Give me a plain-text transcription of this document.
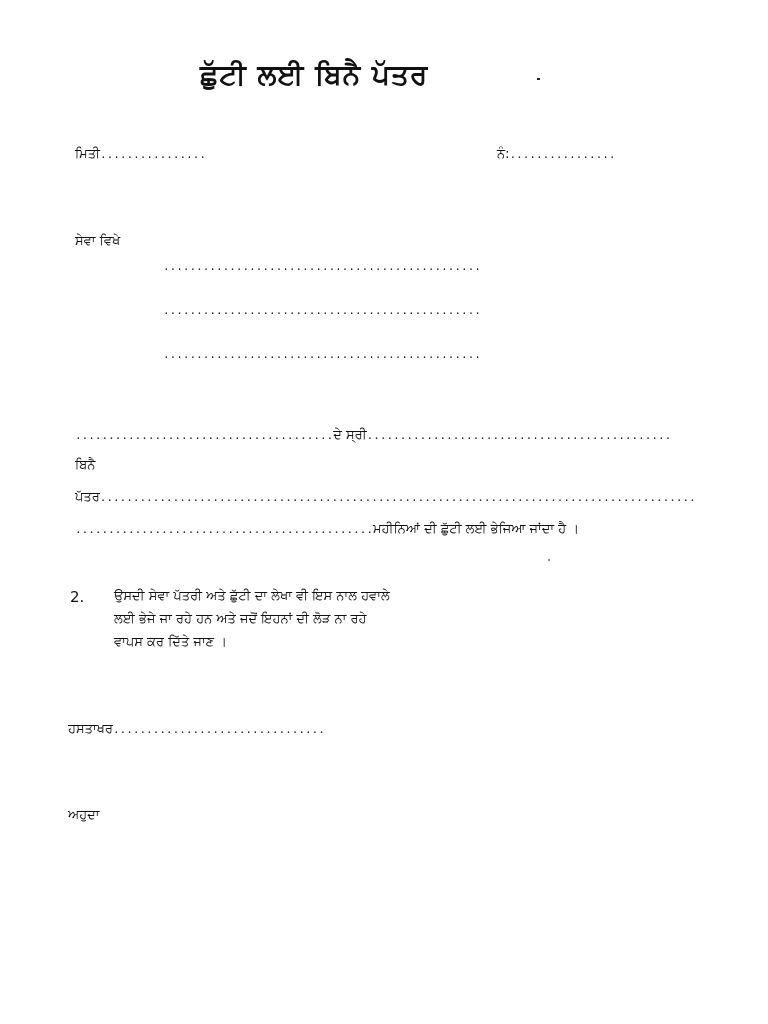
ਛੁੱਟੀ ਲਈ ਬਿਨੈ ਪੱਤਰ
ਮਿਤੀ................	ਨੰ:................
ਸੇਵਾ ਵਿਖੇ
................................................
................................................
................................................
.......................................ਦੇ ਸ੍ਰੀ..............................................
ਬਿਨੈ
ਪੱਤਰ..........................................................................................
.............................................ਮਹੀਨਿਆਂ ਦੀ ਛੁੱਟੀ ਲਈ ਭੇਜਿਆ ਜਾਂਦਾ ਹੈ ।
2. ਉਸਦੀ ਸੇਵਾ ਪੱਤਰੀ ਅਤੇ ਛੁੱਟੀ ਦਾ ਲੇਖਾ ਵੀ ਇਸ ਨਾਲ ਹਵਾਲੇ
ਲਈ ਭੇਜੇ ਜਾ ਰਹੇ ਹਨ ਅਤੇ ਜਦੋਂ ਇਹਨਾਂ ਦੀ ਲੋੜ ਨਾ ਰਹੇ
ਵਾਪਸ ਕਰ ਦਿੱਤੇ ਜਾਣ ।
ਹਸਤਾਖਰ................................
ਅਹੁਦਾ
